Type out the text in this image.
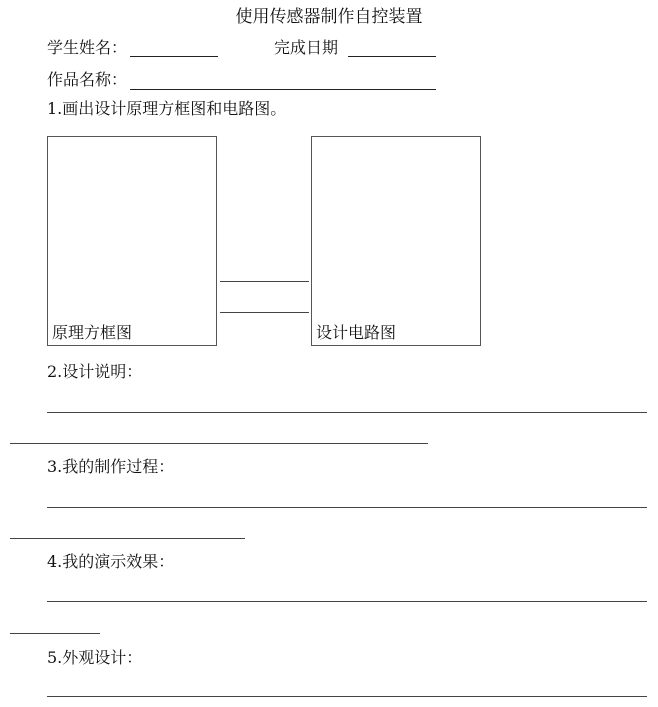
使用传感器制作自控装置
学生姓名：	完成日期
作品名称：
1.画出设计原理方框图和电路图。
原理方框图	设计电路图
2.设计说明：
3.我的制作过程：
4.我的演示效果：
5.外观设计：
